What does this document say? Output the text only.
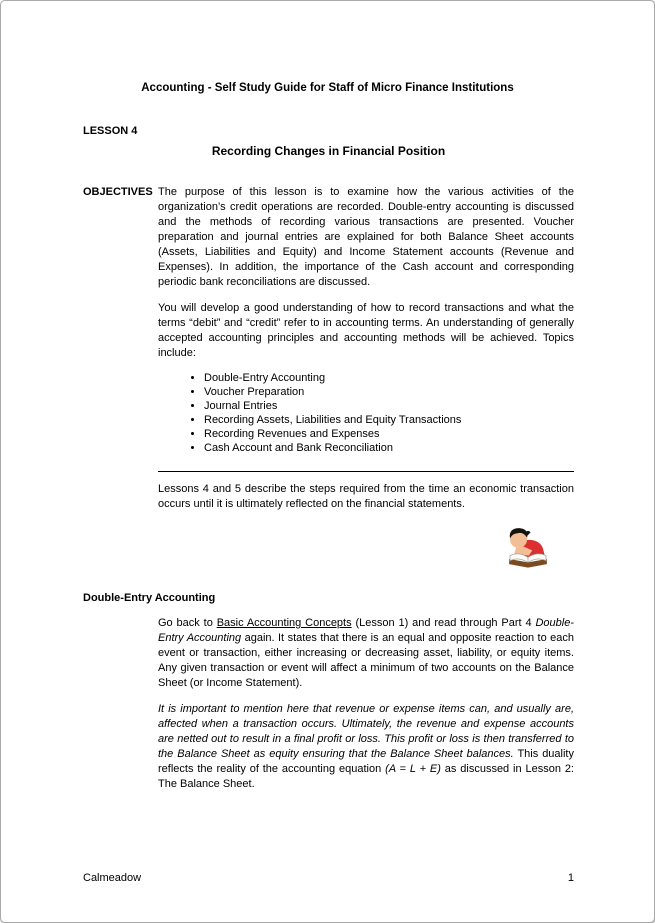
Accounting - Self Study Guide for Staff of Micro Finance Institutions
LESSON 4
Recording Changes in Financial Position
OBJECTIVES The purpose of this lesson is to examine how the various activities of the organization’s credit operations are recorded. Double-entry accounting is discussed and the methods of recording various transactions are presented. Voucher preparation and journal entries are explained for both Balance Sheet accounts (Assets, Liabilities and Equity) and Income Statement accounts (Revenue and Expenses). In addition, the importance of the Cash account and corresponding periodic bank reconciliations are discussed.

You will develop a good understanding of how to record transactions and what the terms “debit” and “credit” refer to in accounting terms. An understanding of generally accepted accounting principles and accounting methods will be achieved. Topics include:

• Double-Entry Accounting
• Voucher Preparation
• Journal Entries
• Recording Assets, Liabilities and Equity Transactions
• Recording Revenues and Expenses
• Cash Account and Bank Reconciliation

Lessons 4 and 5 describe the steps required from the time an economic transaction occurs until it is ultimately reflected on the financial statements.

Double-Entry Accounting

Go back to Basic Accounting Concepts (Lesson 1) and read through Part 4 Double-Entry Accounting again. It states that there is an equal and opposite reaction to each event or transaction, either increasing or decreasing asset, liability, or equity items. Any given transaction or event will affect a minimum of two accounts on the Balance Sheet (or Income Statement).

It is important to mention here that revenue or expense items can, and usually are, affected when a transaction occurs. Ultimately, the revenue and expense accounts are netted out to result in a final profit or loss. This profit or loss is then transferred to the Balance Sheet as equity ensuring that the Balance Sheet balances. This duality reflects the reality of the accounting equation (A = L + E) as discussed in Lesson 2: The Balance Sheet.

Calmeadow	1
